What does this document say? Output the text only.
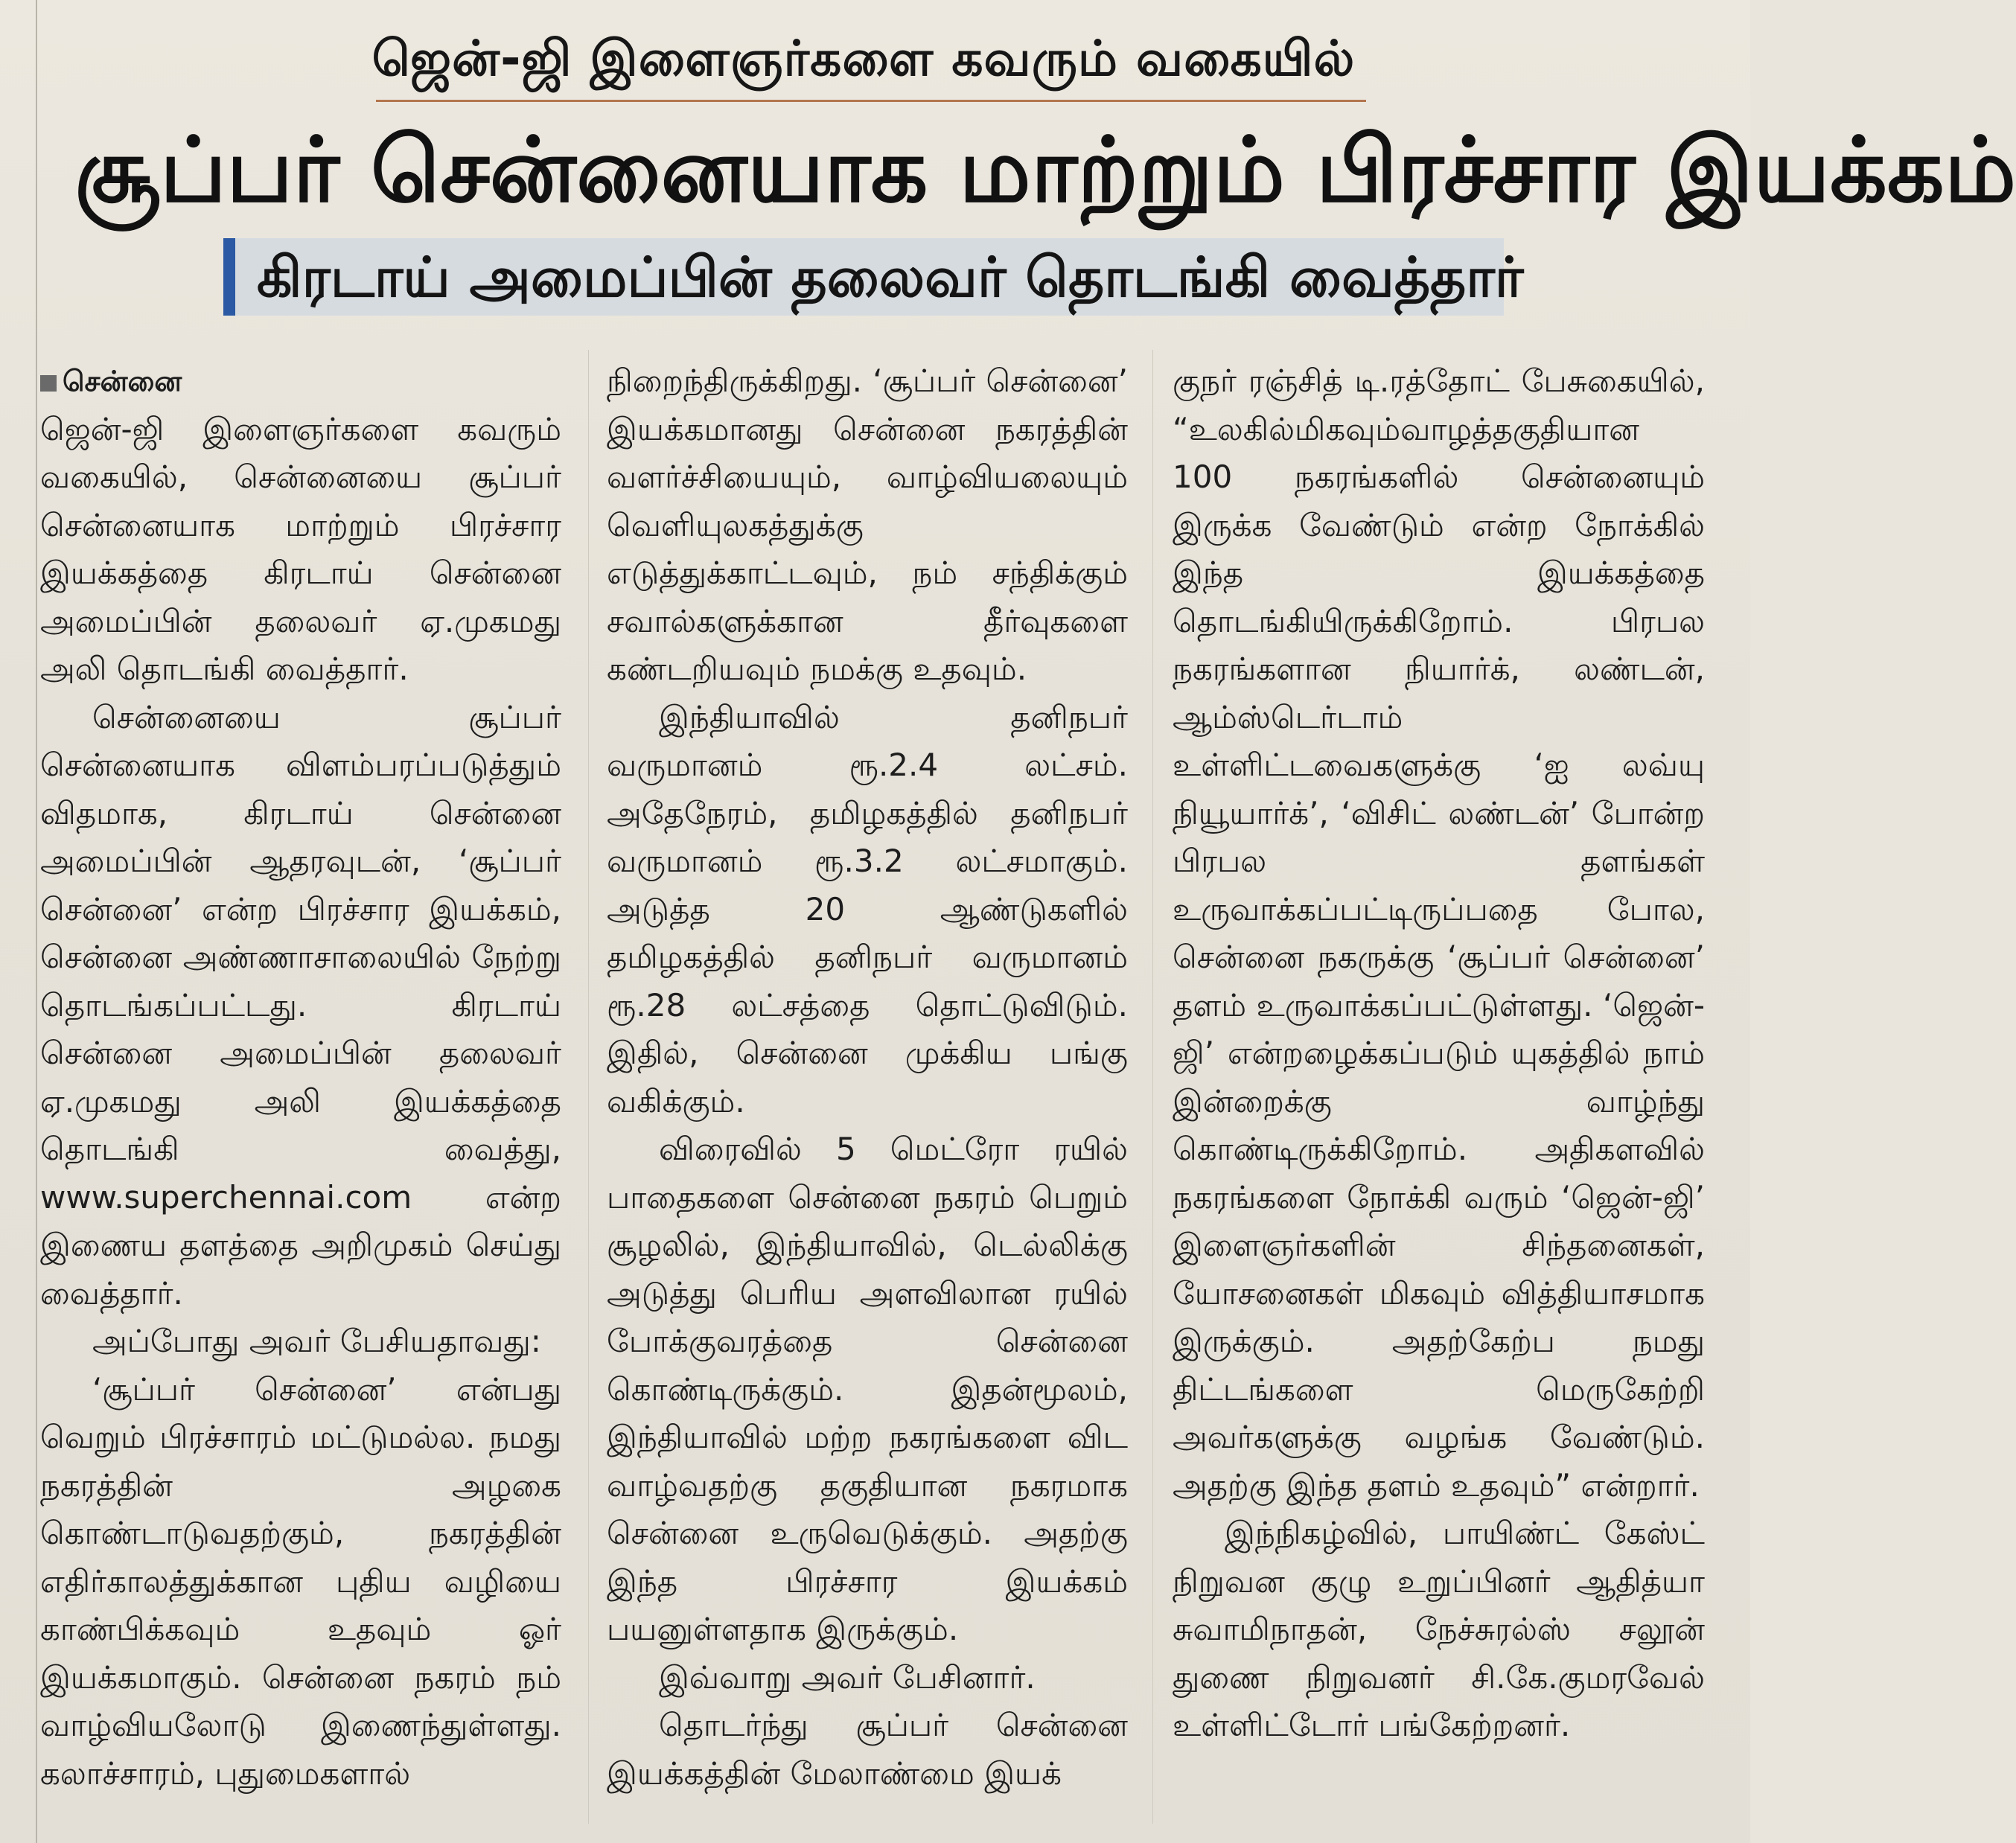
ஜென்-ஜி இளைஞர்களை கவரும் வகையில்
சூப்பர் சென்னையாக மாற்றும் பிரச்சார இயக்கம்
கிரடாய் அமைப்பின் தலைவர் தொடங்கி வைத்தார்
சென்னை

ஜென்-ஜி இளைஞர்களை கவரும் வகையில், சென்னையை சூப்பர் சென்னையாக மாற்றும் பிரச்சார இயக்கத்தை கிரடாய் சென்னை அமைப்பின் தலைவர் ஏ.முகமது அலி தொடங்கி வைத்தார்.

சென்னையை சூப்பர் சென்னையாக விளம்பரப்படுத்தும் விதமாக, கிரடாய் சென்னை அமைப்பின் ஆதரவுடன், ‘சூப்பர் சென்னை’ என்ற பிரச்சார இயக்கம், சென்னை அண்ணாசாலையில் நேற்று தொடங்கப்பட்டது. கிரடாய் சென்னை அமைப்பின் தலைவர் ஏ.முகமது அலி இயக்கத்தை தொடங்கி வைத்து, www.superchennai.com என்ற இணைய தளத்தை அறிமுகம் செய்து வைத்தார்.

அப்போது அவர் பேசியதாவது:

‘சூப்பர் சென்னை’ என்பது வெறும் பிரச்சாரம் மட்டுமல்ல. நமது நகரத்தின் அழகை கொண்டாடுவதற்கும், நகரத்தின் எதிர்காலத்துக்கான புதிய வழியை காண்பிக்கவும் உதவும் ஓர் இயக்கமாகும். சென்னை நகரம் நம் வாழ்வியலோடு இணைந்துள்ளது. கலாச்சாரம், புதுமைகளால்

நிறைந்திருக்கிறது. ‘சூப்பர் சென்னை’ இயக்கமானது சென்னை நகரத்தின் வளர்ச்சியையும், வாழ்வியலையும் வெளியுலகத்துக்கு எடுத்துக்காட்டவும், நம் சந்திக்கும் சவால்களுக்கான தீர்வுகளை கண்டறியவும் நமக்கு உதவும்.

இந்தியாவில் தனிநபர் வருமானம் ரூ.2.4 லட்சம். அதேநேரம், தமிழகத்தில் தனிநபர் வருமானம் ரூ.3.2 லட்சமாகும். அடுத்த 20 ஆண்டுகளில் தமிழகத்தில் தனிநபர் வருமானம் ரூ.28 லட்சத்தை தொட்டுவிடும். இதில், சென்னை முக்கிய பங்கு வகிக்கும்.

விரைவில் 5 மெட்ரோ ரயில் பாதைகளை சென்னை நகரம் பெறும் சூழலில், இந்தியாவில், டெல்லிக்கு அடுத்து பெரிய அளவிலான ரயில் போக்குவரத்தை சென்னை கொண்டிருக்கும். இதன்மூலம், இந்தியாவில் மற்ற நகரங்களை விட வாழ்வதற்கு தகுதியான நகரமாக சென்னை உருவெடுக்கும். அதற்கு இந்த பிரச்சார இயக்கம் பயனுள்ளதாக இருக்கும்.

இவ்வாறு அவர் பேசினார்.

தொடர்ந்து சூப்பர் சென்னை இயக்கத்தின் மேலாண்மை இயக்

குநர் ரஞ்சித் டி.ரத்தோட் பேசுகையில், “உலகில்மிகவும்வாழத்தகுதியான 100 நகரங்களில் சென்னையும் இருக்க வேண்டும் என்ற நோக்கில் இந்த இயக்கத்தை தொடங்கியிருக்கிறோம். பிரபல நகரங்களான நியார்க், லண்டன், ஆம்ஸ்டெர்டாம் உள்ளிட்டவைகளுக்கு ‘ஐ லவ்யு நியூயார்க்’, ‘விசிட் லண்டன்’ போன்ற பிரபல தளங்கள் உருவாக்கப்பட்டிருப்பதை போல, சென்னை நகருக்கு ‘சூப்பர் சென்னை’ தளம் உருவாக்கப்பட்டுள்ளது. ‘ஜென்-ஜி’ என்றழைக்கப்படும் யுகத்தில் நாம் இன்றைக்கு வாழ்ந்து கொண்டிருக்கிறோம். அதிகளவில் நகரங்களை நோக்கி வரும் ‘ஜென்-ஜி’ இளைஞர்களின் சிந்தனைகள், யோசனைகள் மிகவும் வித்தியாசமாக இருக்கும். அதற்கேற்ப நமது திட்டங்களை மெருகேற்றி அவர்களுக்கு வழங்க வேண்டும். அதற்கு இந்த தளம் உதவும்” என்றார்.

இந்நிகழ்வில், பாயிண்ட் கேஸ்ட் நிறுவன குழு உறுப்பினர் ஆதித்யா சுவாமிநாதன், நேச்சுரல்ஸ் சலூன் துணை நிறுவனர் சி.கே.குமரவேல் உள்ளிட்டோர் பங்கேற்றனர்.
